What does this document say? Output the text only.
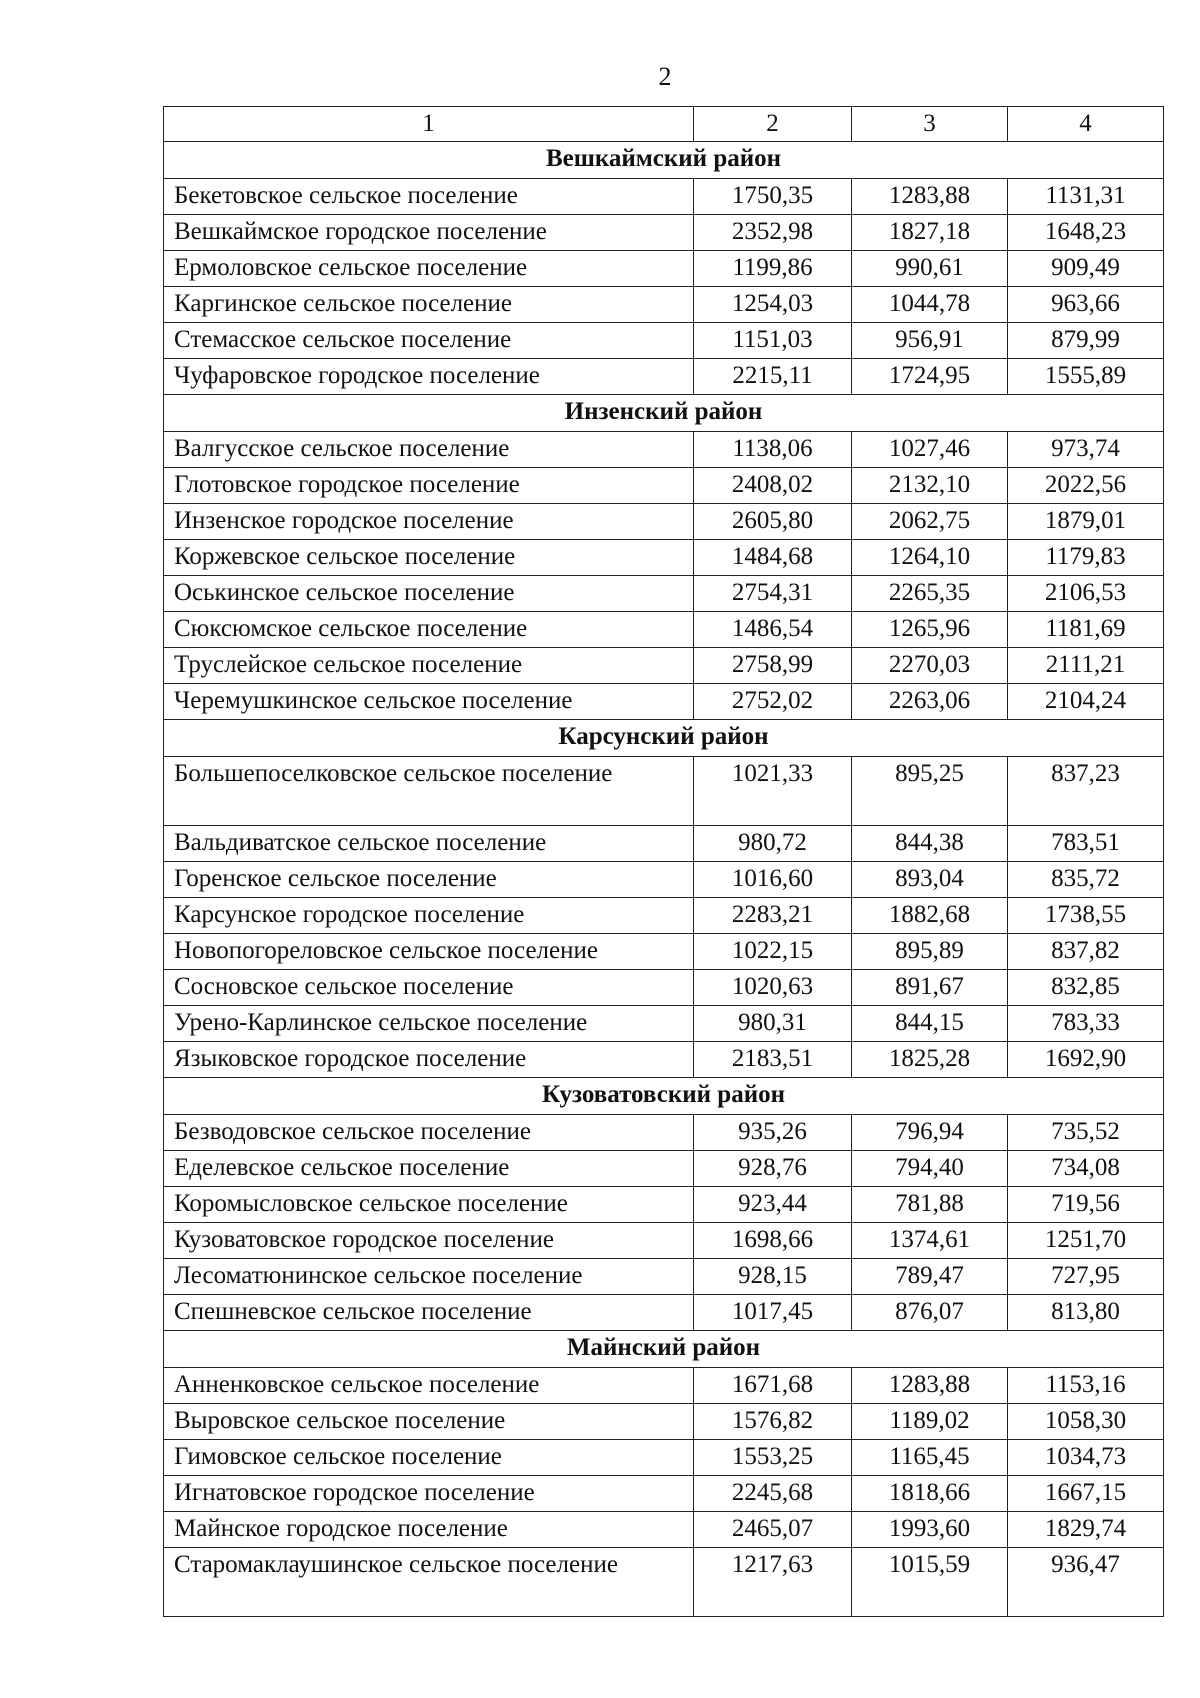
2
1	2	3	4
Вешкаймский район			
Бекетовское сельское поселение	1750,35	1283,88	1131,31
Вешкаймское городское поселение	2352,98	1827,18	1648,23
Ермоловское сельское поселение	1199,86	990,61	909,49
Каргинское сельское поселение	1254,03	1044,78	963,66
Стемасское сельское поселение	1151,03	956,91	879,99
Чуфаровское городское поселение	2215,11	1724,95	1555,89
Инзенский район			
Валгусское сельское поселение	1138,06	1027,46	973,74
Глотовское городское поселение	2408,02	2132,10	2022,56
Инзенское городское поселение	2605,80	2062,75	1879,01
Коржевское сельское поселение	1484,68	1264,10	1179,83
Оськинское сельское поселение	2754,31	2265,35	2106,53
Сюксюмское сельское поселение	1486,54	1265,96	1181,69
Труслейское сельское поселение	2758,99	2270,03	2111,21
Черемушкинское сельское поселение	2752,02	2263,06	2104,24
Карсунский район			
Большепоселковское сельское поселение	1021,33	895,25	837,23
Вальдиватское сельское поселение	980,72	844,38	783,51
Горенское сельское поселение	1016,60	893,04	835,72
Карсунское городское поселение	2283,21	1882,68	1738,55
Новопогореловское сельское поселение	1022,15	895,89	837,82
Сосновское сельское поселение	1020,63	891,67	832,85
Урено-Карлинское сельское поселение	980,31	844,15	783,33
Языковское городское поселение	2183,51	1825,28	1692,90
Кузоватовский район			
Безводовское сельское поселение	935,26	796,94	735,52
Еделевское сельское поселение	928,76	794,40	734,08
Коромысловское сельское поселение	923,44	781,88	719,56
Кузоватовское городское поселение	1698,66	1374,61	1251,70
Лесоматюнинское сельское поселение	928,15	789,47	727,95
Спешневское сельское поселение	1017,45	876,07	813,80
Майнский район			
Анненковское сельское поселение	1671,68	1283,88	1153,16
Выровское сельское поселение	1576,82	1189,02	1058,30
Гимовское сельское поселение	1553,25	1165,45	1034,73
Игнатовское городское поселение	2245,68	1818,66	1667,15
Майнское городское поселение	2465,07	1993,60	1829,74
Старомаклаушинское сельское поселение	1217,63	1015,59	936,47
